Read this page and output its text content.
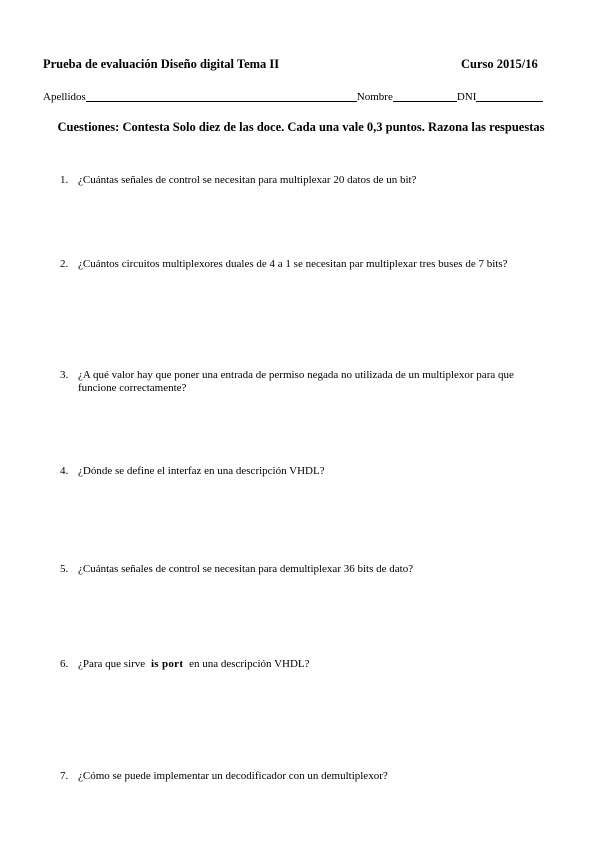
Prueba de evaluación Diseño digital Tema II	Curso 2015/16
Apellidos	Nombre	DNI
Cuestiones: Contesta Solo diez de las doce. Cada una vale 0,3 puntos. Razona las respuestas
1. ¿Cuántas señales de control se necesitan para multiplexar 20 datos de un bit?
2. ¿Cuántos circuitos multiplexores duales de 4 a 1 se necesitan par multiplexar tres buses de 7 bits?
3. ¿A qué valor hay que poner una entrada de permiso negada no utilizada de un multiplexor para que funcione correctamente?
4. ¿Dónde se define el interfaz en una descripción VHDL?
5. ¿Cuántas señales de control se necesitan para demultiplexar 36 bits de dato?
6. ¿Para que sirve is port en una descripción VHDL?
7. ¿Cómo se puede implementar un decodificador con un demultiplexor?
